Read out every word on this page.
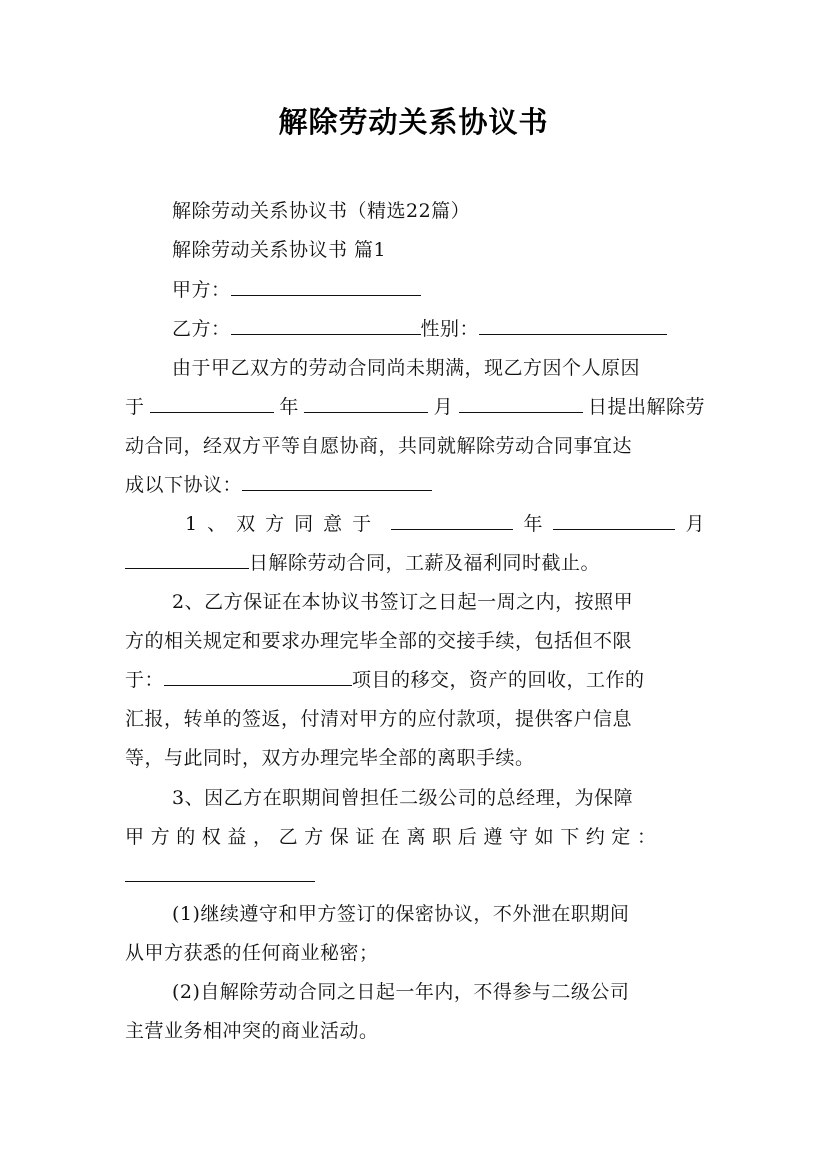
解除劳动关系协议书
解除劳动关系协议书（精选22篇）
解除劳动关系协议书 篇1
甲方：
乙方：	性别：
由于甲乙双方的劳动合同尚未期满，现乙方因个人原因
于	年	月	日提出解除劳
动合同，经双方平等自愿协商，共同就解除劳动合同事宜达
成以下协议：
1、双方同意于	年	月
日解除劳动合同，工薪及福利同时截止。
2、乙方保证在本协议书签订之日起一周之内，按照甲
方的相关规定和要求办理完毕全部的交接手续，包括但不限
于：	项目的移交，资产的回收，工作的
汇报，转单的签返，付清对甲方的应付款项，提供客户信息
等，与此同时，双方办理完毕全部的离职手续。
3、因乙方在职期间曾担任二级公司的总经理，为保障
甲方的权益，乙方保证在离职后遵守如下约定：
(1)继续遵守和甲方签订的保密协议，不外泄在职期间
从甲方获悉的任何商业秘密；
(2)自解除劳动合同之日起一年内，不得参与二级公司
主营业务相冲突的商业活动。
